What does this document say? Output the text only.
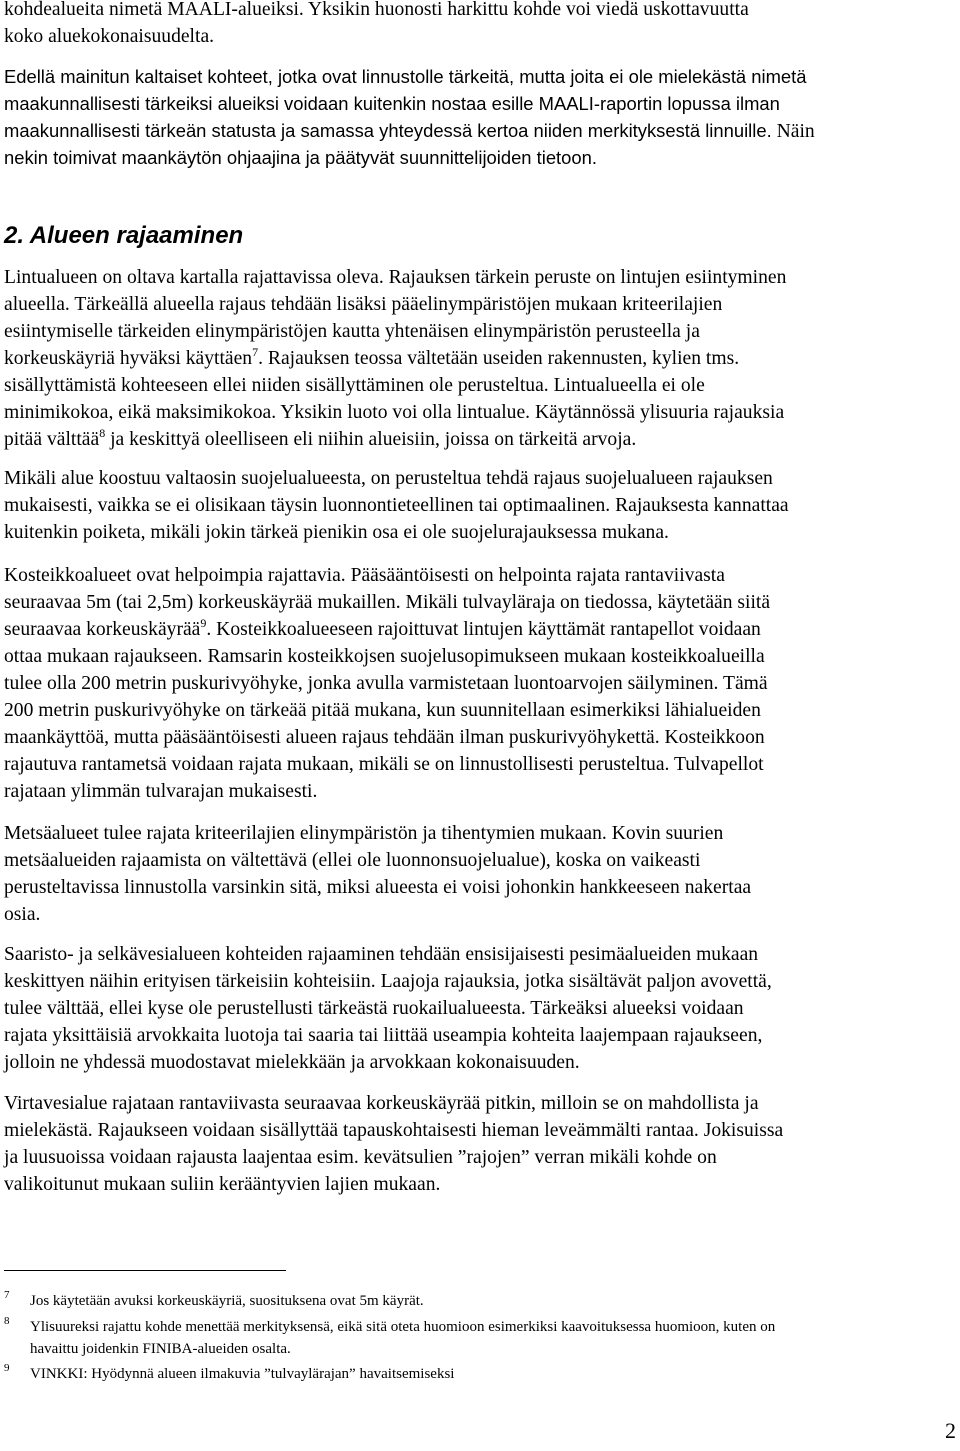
kohdealueita nimetä MAALI-alueiksi. Yksikin huonosti harkittu kohde voi viedä uskottavuutta
koko aluekokonaisuudelta.

Edellä mainitun kaltaiset kohteet, jotka ovat linnustolle tärkeitä, mutta joita ei ole mielekästä nimetä
maakunnallisesti tärkeiksi alueiksi voidaan kuitenkin nostaa esille MAALI-raportin lopussa ilman
maakunnallisesti tärkeän statusta ja samassa yhteydessä kertoa niiden merkityksestä linnuille. Näin
nekin toimivat maankäytön ohjaajina ja päätyvät suunnittelijoiden tietoon.

2. Alueen rajaaminen

Lintualueen on oltava kartalla rajattavissa oleva. Rajauksen tärkein peruste on lintujen esiintyminen
alueella. Tärkeällä alueella rajaus tehdään lisäksi pääelinympäristöjen mukaan kriteerilajien
esiintymiselle tärkeiden elinympäristöjen kautta yhtenäisen elinympäristön perusteella ja
korkeuskäyriä hyväksi käyttäen$^7$. Rajauksen teossa vältetään useiden rakennusten, kylien tms.
sisällyttämistä kohteeseen ellei niiden sisällyttäminen ole perusteltua. Lintualueella ei ole
minimikokoa, eikä maksimikokoa. Yksikin luoto voi olla lintualue. Käytännössä ylisuuria rajauksia
pitää välttää$^8$ ja keskittyä oleelliseen eli niihin alueisiin, joissa on tärkeitä arvoja.

Mikäli alue koostuu valtaosin suojelualueesta, on perusteltua tehdä rajaus suojelualueen rajauksen
mukaisesti, vaikka se ei olisikaan täysin luonnontieteellinen tai optimaalinen. Rajauksesta kannattaa
kuitenkin poiketa, mikäli jokin tärkeä pienikin osa ei ole suojelurajauksessa mukana.

Kosteikkoalueet ovat helpoimpia rajattavia. Pääsääntöisesti on helpointa rajata rantaviivasta
seuraavaa 5m (tai 2,5m) korkeuskäyrää mukaillen. Mikäli tulvayläraja on tiedossa, käytetään siitä
seuraavaa korkeuskäyrää$^9$. Kosteikkoalueeseen rajoittuvat lintujen käyttämät rantapellot voidaan
ottaa mukaan rajaukseen. Ramsarin kosteikkojsen suojelusopimukseen mukaan kosteikkoalueilla
tulee olla 200 metrin puskurivyöhyke, jonka avulla varmistetaan luontoarvojen säilyminen. Tämä
200 metrin puskurivyöhyke on tärkeää pitää mukana, kun suunnitellaan esimerkiksi lähialueiden
maankäyttöä, mutta pääsääntöisesti alueen rajaus tehdään ilman puskurivyöhykettä. Kosteikkoon
rajautuva rantametsä voidaan rajata mukaan, mikäli se on linnustollisesti perusteltua. Tulvapellot
rajataan ylimmän tulvarajan mukaisesti.

Metsäalueet tulee rajata kriteerilajien elinympäristön ja tihentymien mukaan. Kovin suurien
metsäalueiden rajaamista on vältettävä (ellei ole luonnonsuojelualue), koska on vaikeasti
perusteltavissa linnustolla varsinkin sitä, miksi alueesta ei voisi johonkin hankkeeseen nakertaa
osia.

Saaristo- ja selkävesialueen kohteiden rajaaminen tehdään ensisijaisesti pesimäalueiden mukaan
keskittyen näihin erityisen tärkeisiin kohteisiin. Laajoja rajauksia, jotka sisältävät paljon avovettä,
tulee välttää, ellei kyse ole perustellusti tärkeästä ruokailualueesta. Tärkeäksi alueeksi voidaan
rajata yksittäisiä arvokkaita luotoja tai saaria tai liittää useampia kohteita laajempaan rajaukseen,
jolloin ne yhdessä muodostavat mielekkään ja arvokkaan kokonaisuuden.

Virtavesialue rajataan rantaviivasta seuraavaa korkeuskäyrää pitkin, milloin se on mahdollista ja
mielekästä. Rajaukseen voidaan sisällyttää tapauskohtaisesti hieman leveämmälti rantaa. Jokisuissa
ja luusuoissa voidaan rajausta laajentaa esim. kevätsulien ”rajojen” verran mikäli kohde on
valikoitunut mukaan suliin kerääntyvien lajien mukaan.

7 Jos käytetään avuksi korkeuskäyriä, suosituksena ovat 5m käyrät.

8 Ylisuureksi rajattu kohde menettää merkityksensä, eikä sitä oteta huomioon esimerkiksi kaavoituksessa huomioon, kuten on
havaittu joidenkin FINIBA-alueiden osalta.

9 VINKKI: Hyödynnä alueen ilmakuvia ”tulvaylärajan” havaitsemiseksi

2
